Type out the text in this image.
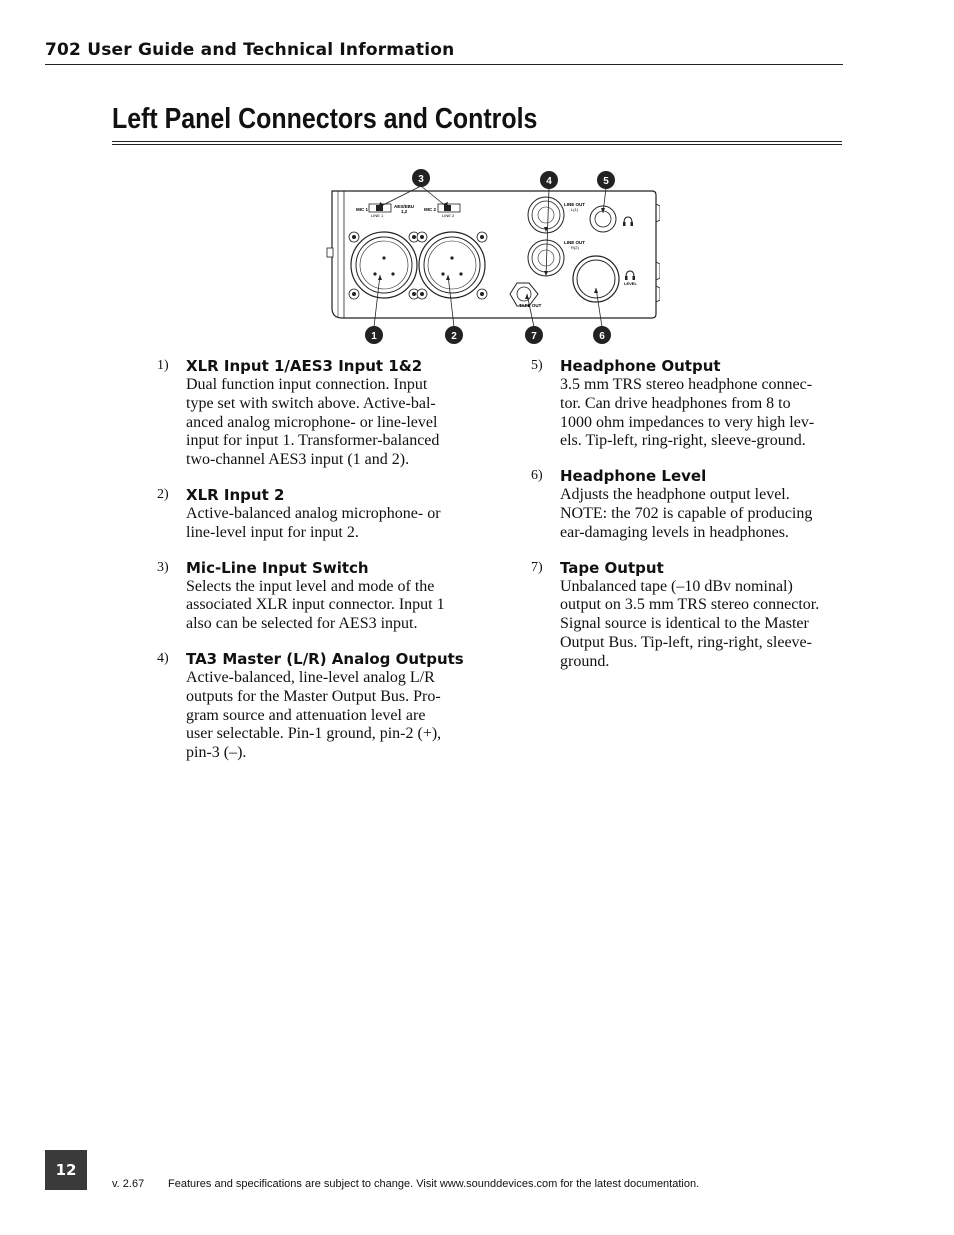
702 User Guide and Technical Information
Left Panel Connectors and Controls
MIC 1
LINE 1
AES/EBU
1,2	MIC 2
LINE 2
LINE OUT
L(1)
LINE OUT
R(2)
LEVEL
TAPE OUT
3	4	5
1	2	7	6
1) XLR Input 1/AES3 Input 1&2
Dual function input connection. Input
type set with switch above. Active-bal-
anced analog microphone- or line-level
input for input 1. Transformer-balanced
two-channel AES3 input (1 and 2).
2) XLR Input 2
Active-balanced analog microphone- or
line-level input for input 2.
3) Mic-Line Input Switch
Selects the input level and mode of the
associated XLR input connector. Input 1
also can be selected for AES3 input.
4) TA3 Master (L/R) Analog Outputs
Active-balanced, line-level analog L/R
outputs for the Master Output Bus. Pro-
gram source and attenuation level are
user selectable. Pin-1 ground, pin-2 (+),
pin-3 (–).
5) Headphone Output
3.5 mm TRS stereo headphone connec-
tor. Can drive headphones from 8 to
1000 ohm impedances to very high lev-
els. Tip-left, ring-right, sleeve-ground.
6) Headphone Level
Adjusts the headphone output level.
NOTE: the 702 is capable of producing
ear-damaging levels in headphones.
7) Tape Output
Unbalanced tape (–10 dBv nominal)
output on 3.5 mm TRS stereo connector.
Signal source is identical to the Master
Output Bus. Tip-left, ring-right, sleeve-
ground.
12
v. 2.67 Features and specifications are subject to change. Visit www.sounddevices.com for the latest documentation.
